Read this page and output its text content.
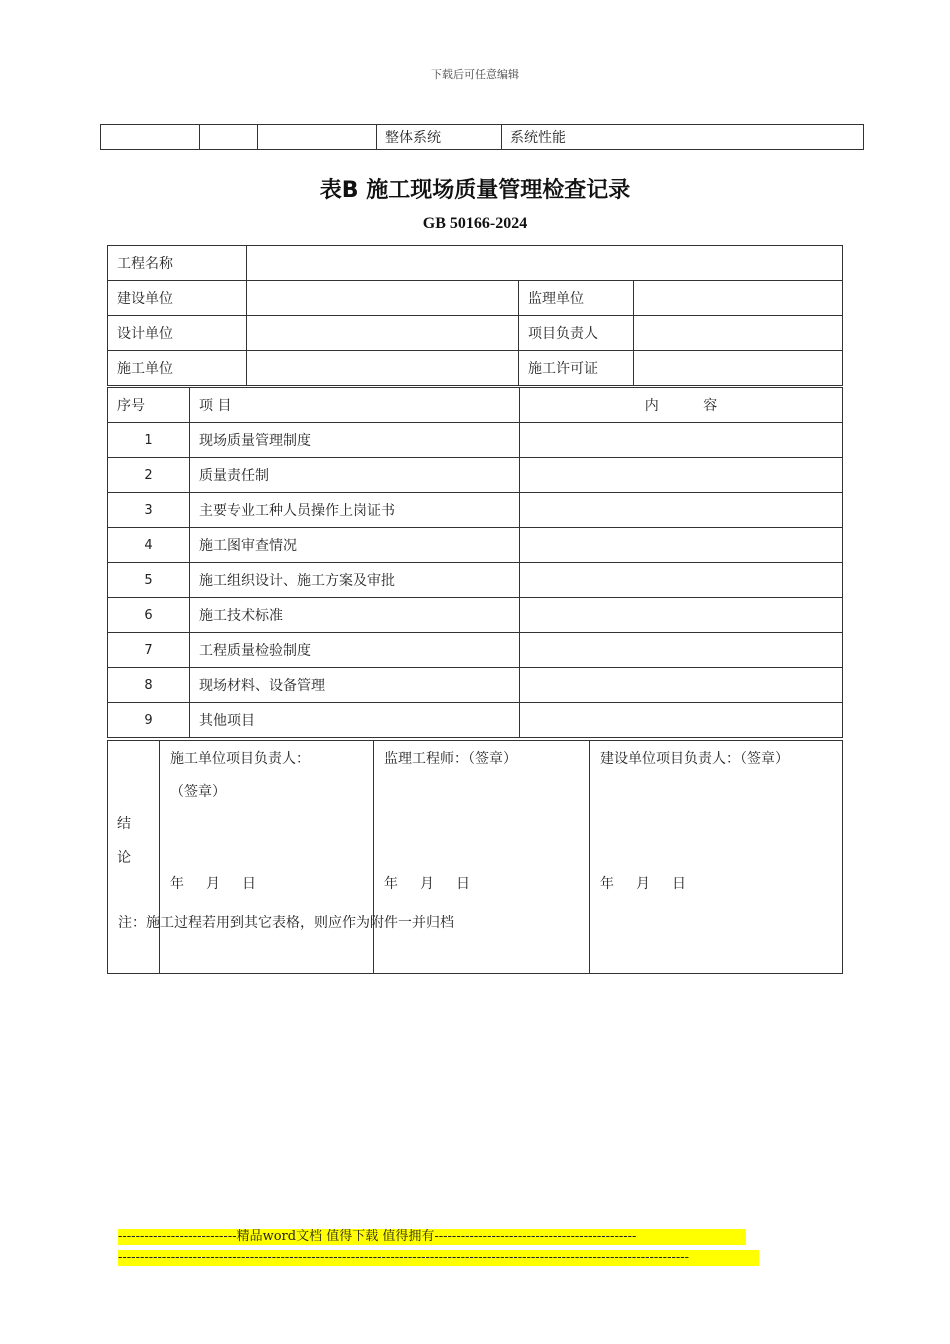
下载后可任意编辑
			整体系统	系统性能
表B 施工现场质量管理检查记录
GB 50166-2024
工程名称			
建设单位		监理单位	
设计单位		项目负责人	
施工单位		施工许可证	
序号	项 目	内          容
1	现场质量管理制度	
2	质量责任制	
3	主要专业工种人员操作上岗证书	
4	施工图审查情况	
5	施工组织设计、施工方案及审批	
6	施工技术标准	
7	工程质量检验制度	
8	现场材料、设备管理	
9	其他项目	
结
论

施工单位项目负责人：
（签章）
年 月 日

监理工程师：（签章）
年 月 日

建设单位项目负责人：（签章）
年 月 日
注：施工过程若用到其它表格，则应作为附件一并归档
---------------------------精品word文档 值得下载 值得拥有---------------------------------------------- ----------------------------------------------------------------------------------------------------------------------------------
